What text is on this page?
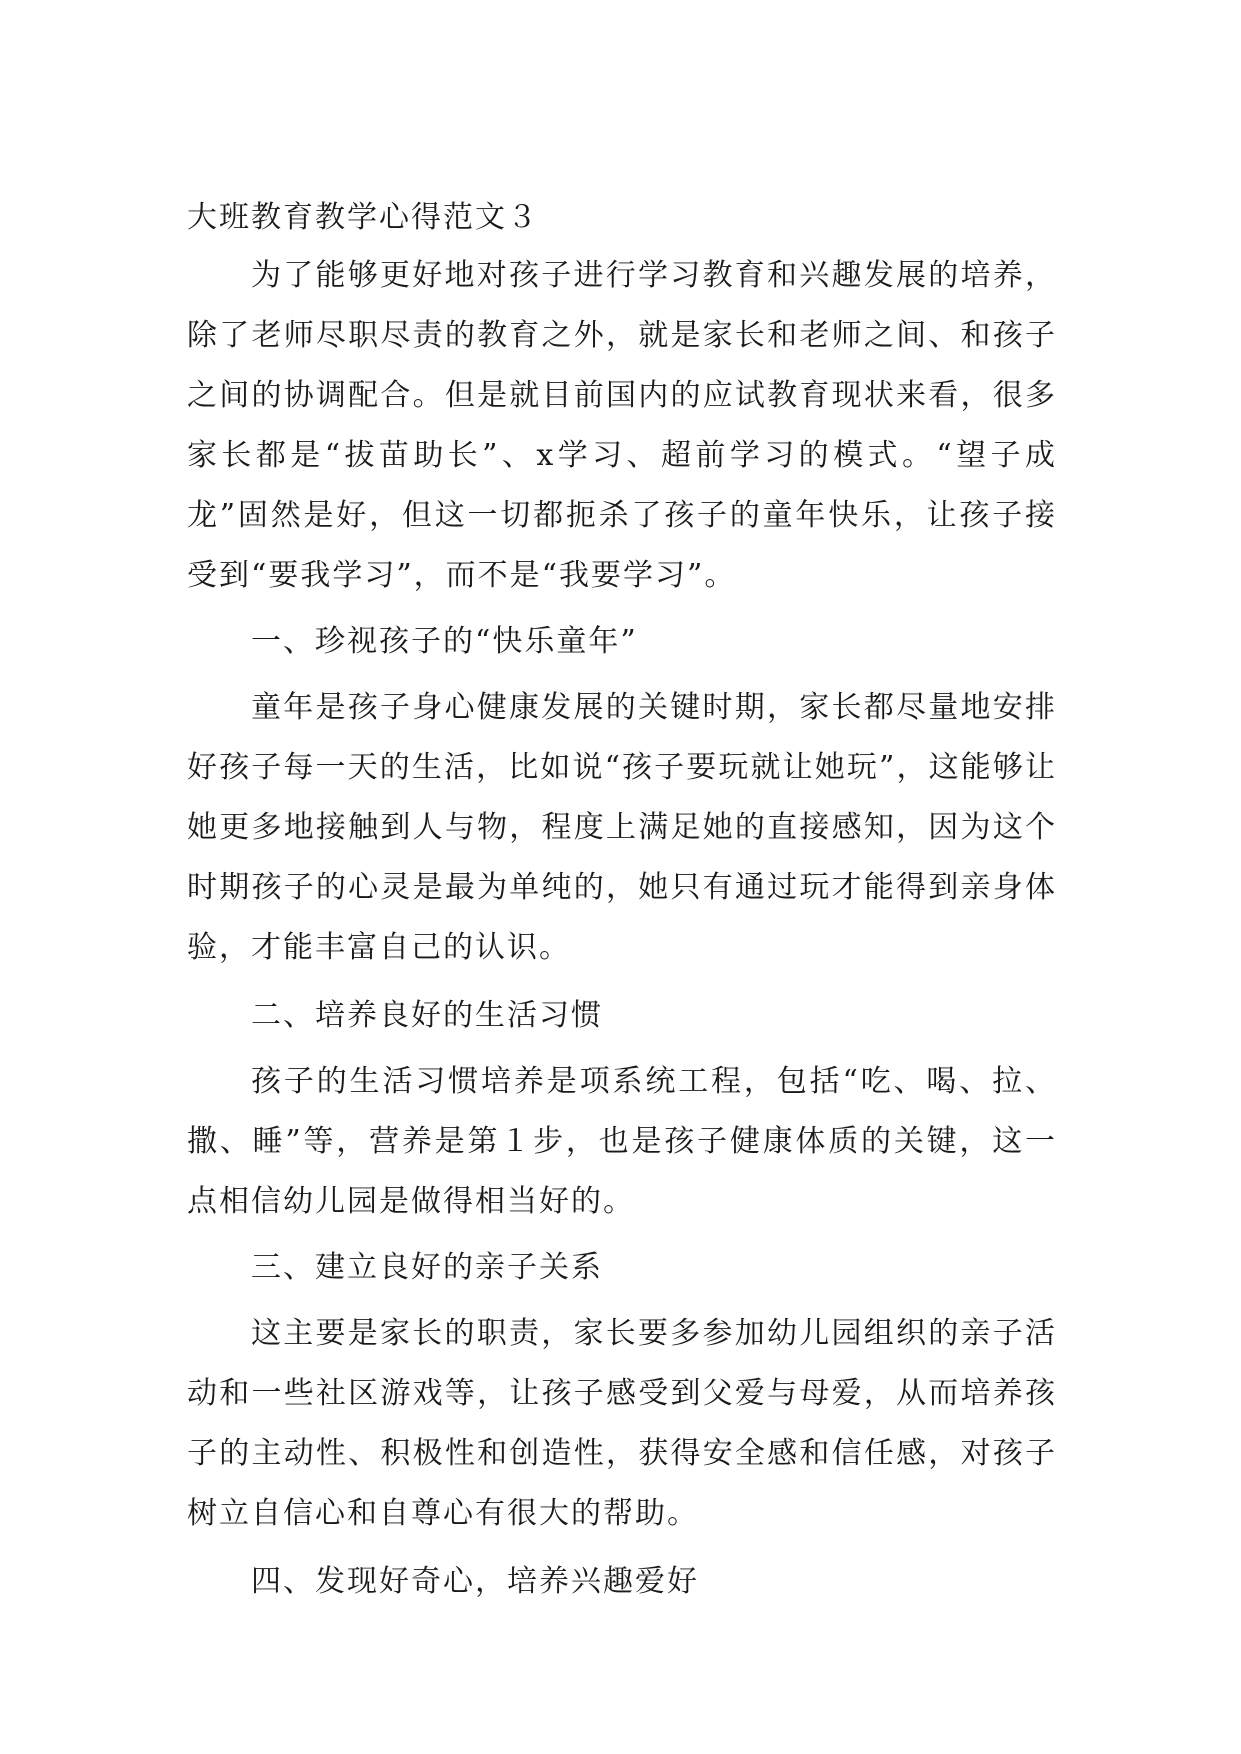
大班教育教学心得范文３

为了能够更好地对孩子进行学习教育和兴趣发展的培养，除了老师尽职尽责的教育之外，就是家长和老师之间、和孩子之间的协调配合。但是就目前国内的应试教育现状来看，很多家长都是“拔苗助长”、x学习、超前学习的模式。“望子成龙”固然是好，但这一切都扼杀了孩子的童年快乐，让孩子接受到“要我学习”，而不是“我要学习”。

一、珍视孩子的“快乐童年”

童年是孩子身心健康发展的关键时期，家长都尽量地安排好孩子每一天的生活，比如说“孩子要玩就让她玩”，这能够让她更多地接触到人与物，程度上满足她的直接感知，因为这个时期孩子的心灵是最为单纯的，她只有通过玩才能得到亲身体验，才能丰富自己的认识。

二、培养良好的生活习惯

孩子的生活习惯培养是项系统工程，包括“吃、喝、拉、撒、睡”等，营养是第１步，也是孩子健康体质的关键，这一点相信幼儿园是做得相当好的。

三、建立良好的亲子关系

这主要是家长的职责，家长要多参加幼儿园组织的亲子活动和一些社区游戏等，让孩子感受到父爱与母爱，从而培养孩子的主动性、积极性和创造性，获得安全感和信任感，对孩子树立自信心和自尊心有很大的帮助。

四、发现好奇心，培养兴趣爱好
